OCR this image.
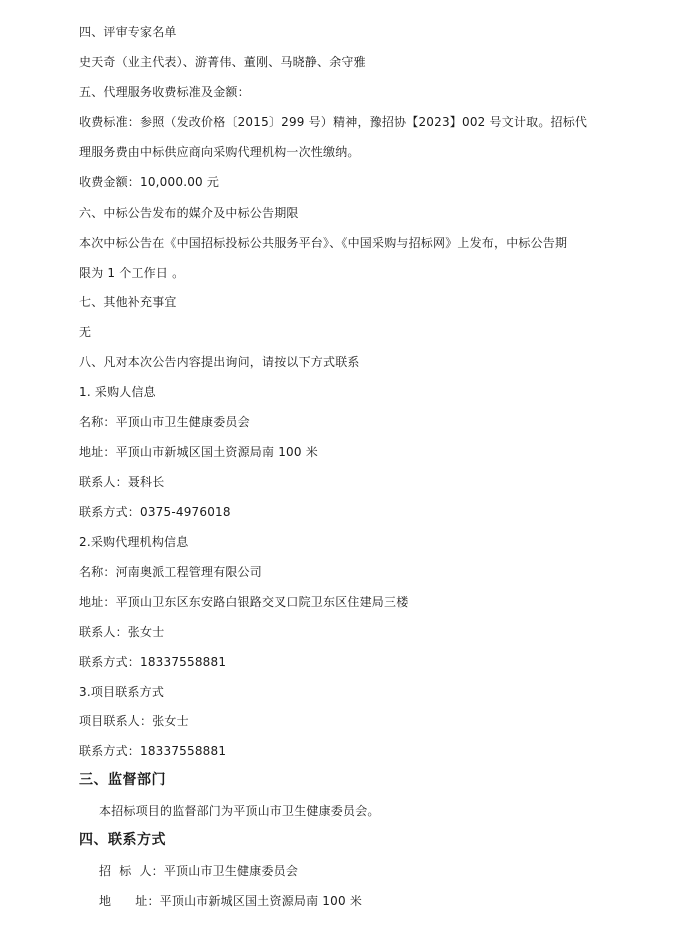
四、评审专家名单
史天奇（业主代表）、游菁伟、董刚、马晓静、余守雅
五、代理服务收费标准及金额：
收费标准：参照（发改价格〔2015〕299 号）精神，豫招协【2023】002 号文计取。招标代
理服务费由中标供应商向采购代理机构一次性缴纳。
收费金额：10,000.00 元
六、中标公告发布的媒介及中标公告期限
本次中标公告在《中国招标投标公共服务平台》、《中国采购与招标网》上发布，中标公告期
限为 1 个工作日 。
七、其他补充事宜
无
八、凡对本次公告内容提出询问，请按以下方式联系
1. 采购人信息
名称：平顶山市卫生健康委员会
地址：平顶山市新城区国土资源局南 100 米
联系人：聂科长
联系方式：0375-4976018
2.采购代理机构信息
名称：河南奥派工程管理有限公司
地址：平顶山卫东区东安路白银路交叉口院卫东区住建局三楼
联系人：张女士
联系方式：18337558881
3.项目联系方式
项目联系人：张女士
联系方式：18337558881
三、监督部门
本招标项目的监督部门为平顶山市卫生健康委员会。
四、联系方式
招  标  人：平顶山市卫生健康委员会
地      址：平顶山市新城区国土资源局南 100 米
